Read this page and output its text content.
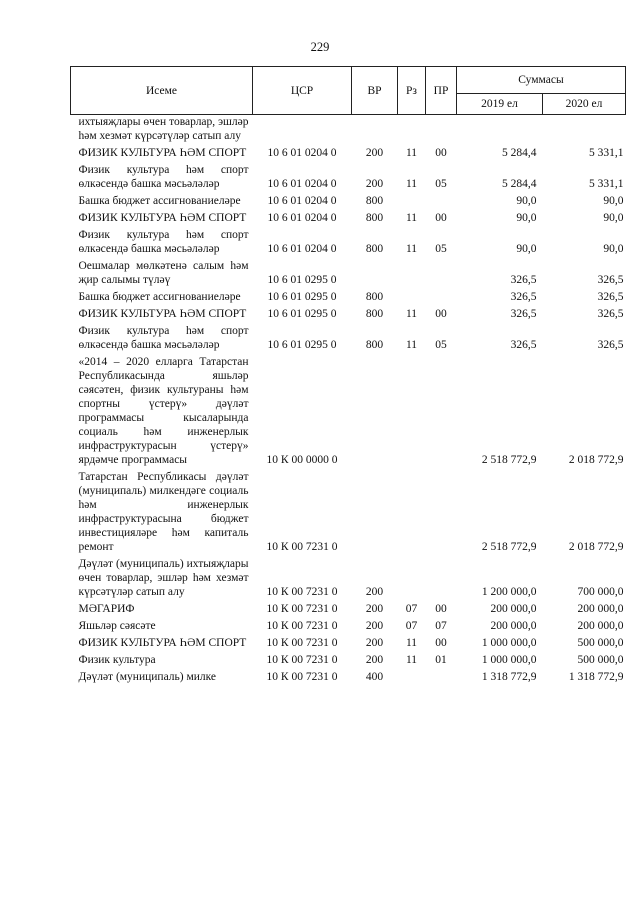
229
Исеме	ЦСР	ВР	Рз	ПР	Суммасы	
					2019 ел	2020 ел
ихтыяҗлары өчен товарлар, эшләр һәм хезмәт күрсәтүләр сатып алу						
ФИЗИК КУЛЬТУРА ҺӘМ СПОРТ	10 6 01 0204 0	200	11	00	5 284,4	5 331,1
Физик культура һәм спорт өлкәсендә башка мәсьәләләр	10 6 01 0204 0	200	11	05	5 284,4	5 331,1
Башка бюджет ассигнованиеләре	10 6 01 0204 0	800			90,0	90,0
ФИЗИК КУЛЬТУРА ҺӘМ СПОРТ	10 6 01 0204 0	800	11	00	90,0	90,0
Физик культура һәм спорт өлкәсендә башка мәсьәләләр	10 6 01 0204 0	800	11	05	90,0	90,0
Оешмалар мөлкәтенә салым һәм җир салымы түләү	10 6 01 0295 0				326,5	326,5
Башка бюджет ассигнованиеләре	10 6 01 0295 0	800			326,5	326,5
ФИЗИК КУЛЬТУРА ҺӘМ СПОРТ	10 6 01 0295 0	800	11	00	326,5	326,5
Физик культура һәм спорт өлкәсендә башка мәсьәләләр	10 6 01 0295 0	800	11	05	326,5	326,5
«2014 – 2020 елларга Татарстан Республикасында яшьләр сәясәтен, физик культураны һәм спортны үстерү» дәүләт программасы кысаларында социаль һәм инженерлык инфраструктурасын үстерү» ярдәмче программасы	10 К 00 0000 0				2 518 772,9	2 018 772,9
Татарстан Республикасы дәүләт (муниципаль) милкендәге социаль һәм инженерлык инфраструктурасына бюджет инвестицияләре һәм капиталь ремонт	10 К 00 7231 0				2 518 772,9	2 018 772,9
Дәүләт (муниципаль) ихтыяҗлары өчен товарлар, эшләр һәм хезмәт күрсәтүләр сатып алу	10 К 00 7231 0	200			1 200 000,0	700 000,0
МӘГАРИФ	10 К 00 7231 0	200	07	00	200 000,0	200 000,0
Яшьләр сәясәте	10 К 00 7231 0	200	07	07	200 000,0	200 000,0
ФИЗИК КУЛЬТУРА ҺӘМ СПОРТ	10 К 00 7231 0	200	11	00	1 000 000,0	500 000,0
Физик культура	10 К 00 7231 0	200	11	01	1 000 000,0	500 000,0
Дәүләт (муниципаль) милке	10 К 00 7231 0	400			1 318 772,9	1 318 772,9
